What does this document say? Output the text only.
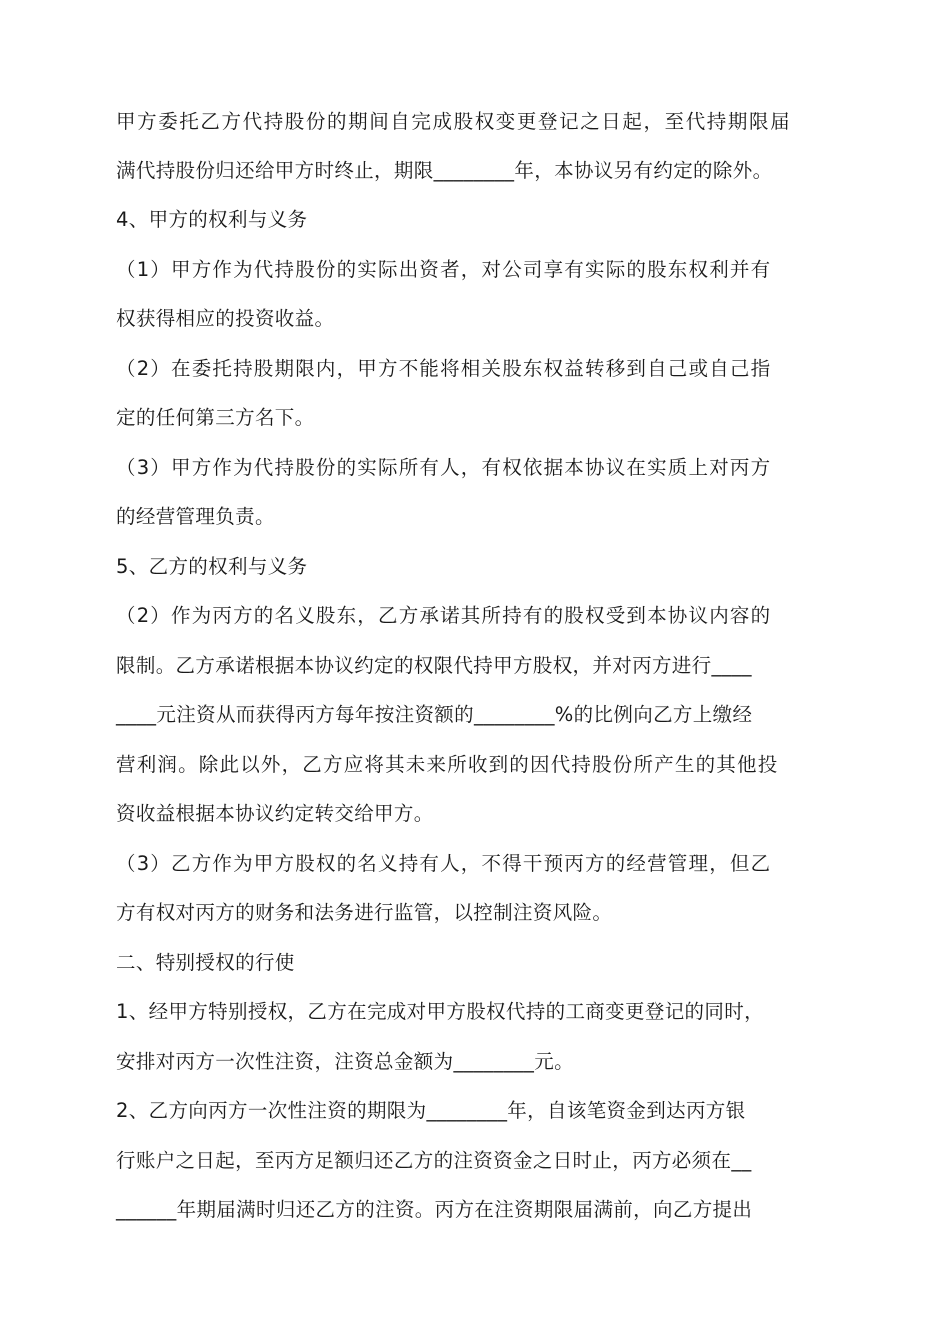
甲方委托乙方代持股份的期间自完成股权变更登记之日起，至代持期限届
满代持股份归还给甲方时终止，期限________年，本协议另有约定的除外。
4、甲方的权利与义务
（1）甲方作为代持股份的实际出资者，对公司享有实际的股东权利并有
权获得相应的投资收益。
（2）在委托持股期限内，甲方不能将相关股东权益转移到自己或自己指
定的任何第三方名下。
（3）甲方作为代持股份的实际所有人，有权依据本协议在实质上对丙方
的经营管理负责。
5、乙方的权利与义务
（2）作为丙方的名义股东，乙方承诺其所持有的股权受到本协议内容的
限制。乙方承诺根据本协议约定的权限代持甲方股权，并对丙方进行____
____元注资从而获得丙方每年按注资额的________%的比例向乙方上缴经
营利润。除此以外，乙方应将其未来所收到的因代持股份所产生的其他投
资收益根据本协议约定转交给甲方。
（3）乙方作为甲方股权的名义持有人，不得干预丙方的经营管理，但乙
方有权对丙方的财务和法务进行监管，以控制注资风险。
二、特别授权的行使
1、经甲方特别授权，乙方在完成对甲方股权代持的工商变更登记的同时，
安排对丙方一次性注资，注资总金额为________元。
2、乙方向丙方一次性注资的期限为________年，自该笔资金到达丙方银
行账户之日起，至丙方足额归还乙方的注资资金之日时止，丙方必须在__
______年期届满时归还乙方的注资。丙方在注资期限届满前，向乙方提出
